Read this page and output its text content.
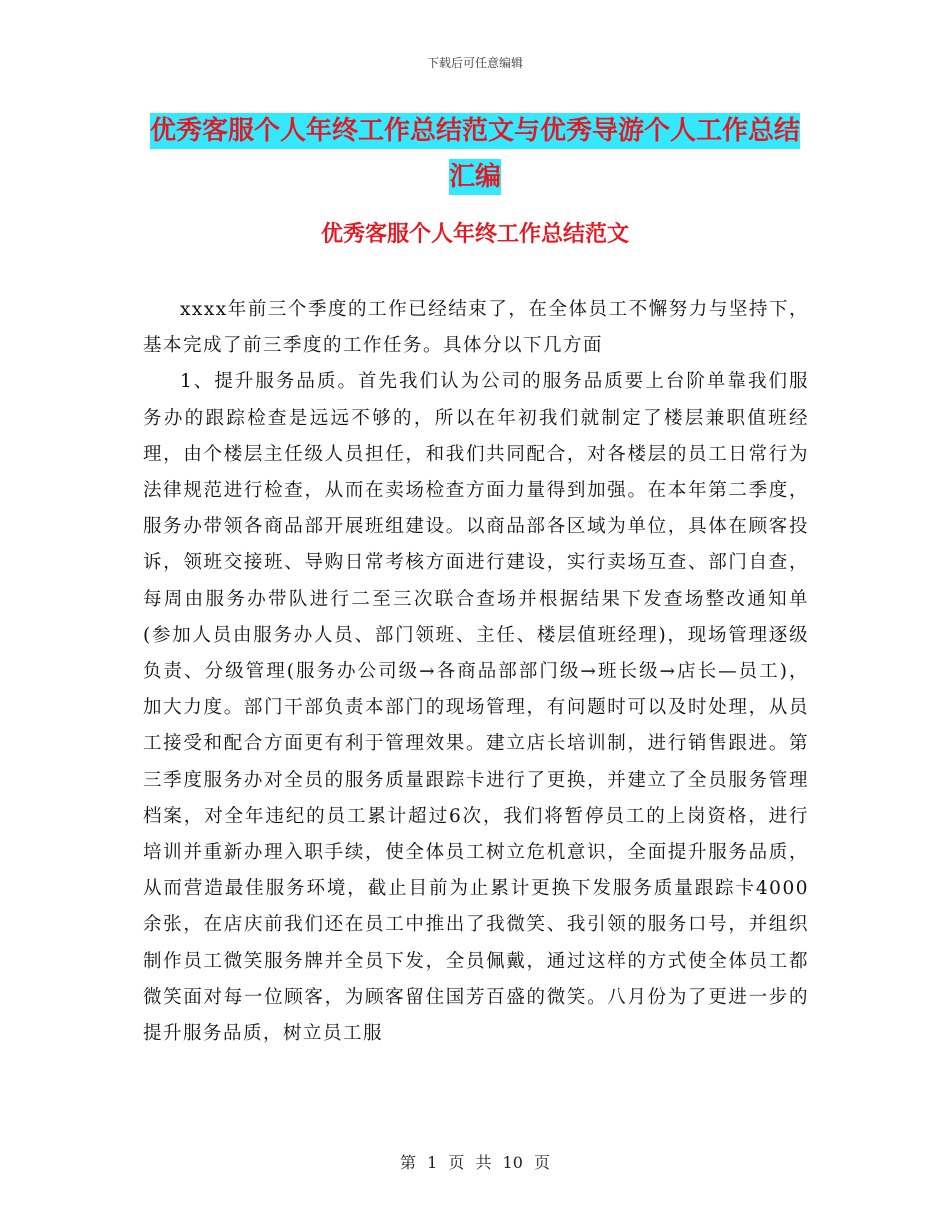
下载后可任意编辑
优秀客服个人年终工作总结范文与优秀导游个人工作总结汇编
优秀客服个人年终工作总结范文

xxxx年前三个季度的工作已经结束了，在全体员工不懈努力与坚持下，基本完成了前三季度的工作任务。具体分以下几方面

1、提升服务品质。首先我们认为公司的服务品质要上台阶单靠我们服务办的跟踪检查是远远不够的，所以在年初我们就制定了楼层兼职值班经理，由个楼层主任级人员担任，和我们共同配合，对各楼层的员工日常行为法律规范进行检查，从而在卖场检查方面力量得到加强。在本年第二季度，服务办带领各商品部开展班组建设。以商品部各区域为单位，具体在顾客投诉，领班交接班、导购日常考核方面进行建设，实行卖场互查、部门自查，每周由服务办带队进行二至三次联合查场并根据结果下发查场整改通知单(参加人员由服务办人员、部门领班、主任、楼层值班经理)，现场管理逐级负责、分级管理(服务办公司级→各商品部部门级→班长级→店长—员工)，加大力度。部门干部负责本部门的现场管理，有问题时可以及时处理，从员工接受和配合方面更有利于管理效果。建立店长培训制，进行销售跟进。第三季度服务办对全员的服务质量跟踪卡进行了更换，并建立了全员服务管理档案，对全年违纪的员工累计超过6次，我们将暂停员工的上岗资格，进行培训并重新办理入职手续，使全体员工树立危机意识，全面提升服务品质，从而营造最佳服务环境，截止目前为止累计更换下发服务质量跟踪卡4000余张，在店庆前我们还在员工中推出了我微笑、我引领的服务口号，并组织制作员工微笑服务牌并全员下发，全员佩戴，通过这样的方式使全体员工都微笑面对每一位顾客，为顾客留住国芳百盛的微笑。八月份为了更进一步的提升服务品质，树立员工服

第 1 页 共 10 页
